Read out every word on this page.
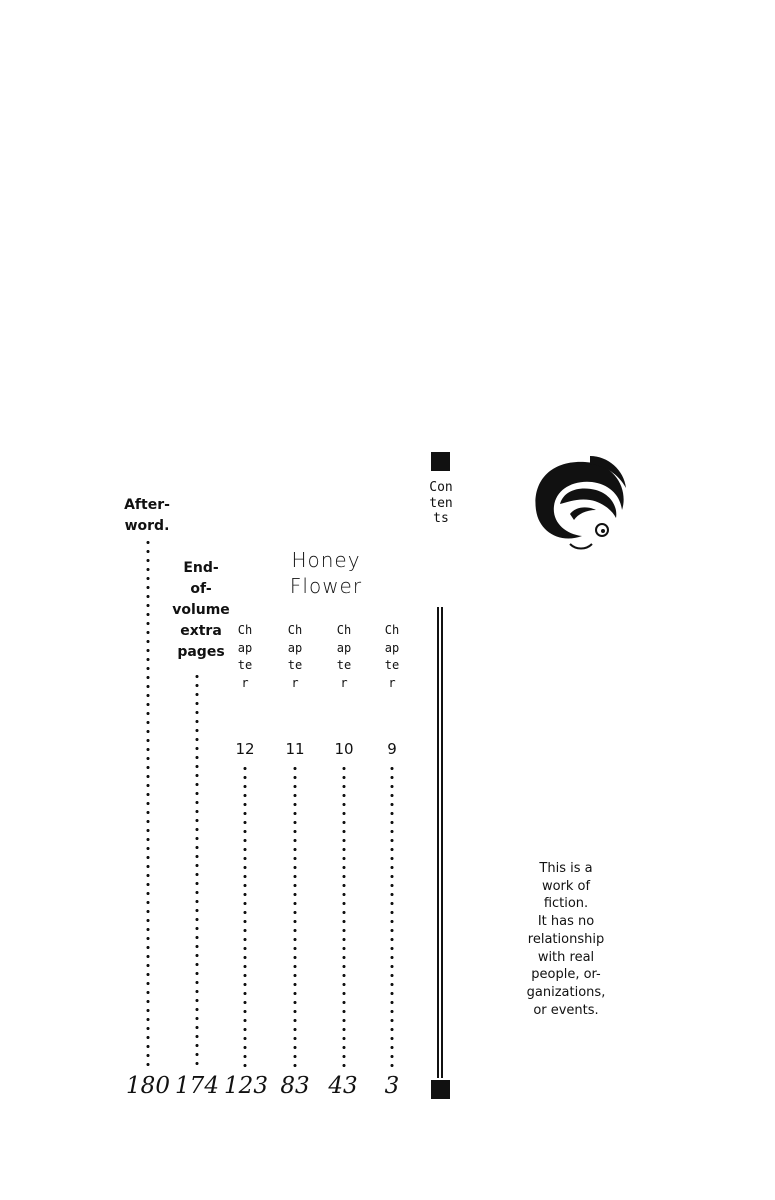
Contents
Honey
Flower
Chapter
9
3
Chapter
10
43
Chapter
11
83
Chapter
12
123
End-
of-
volume
extra
pages
174
After-
word.
180
This is a
work of
fiction.
It has no
relationship
with real
people, or-
ganizations,
or events.
